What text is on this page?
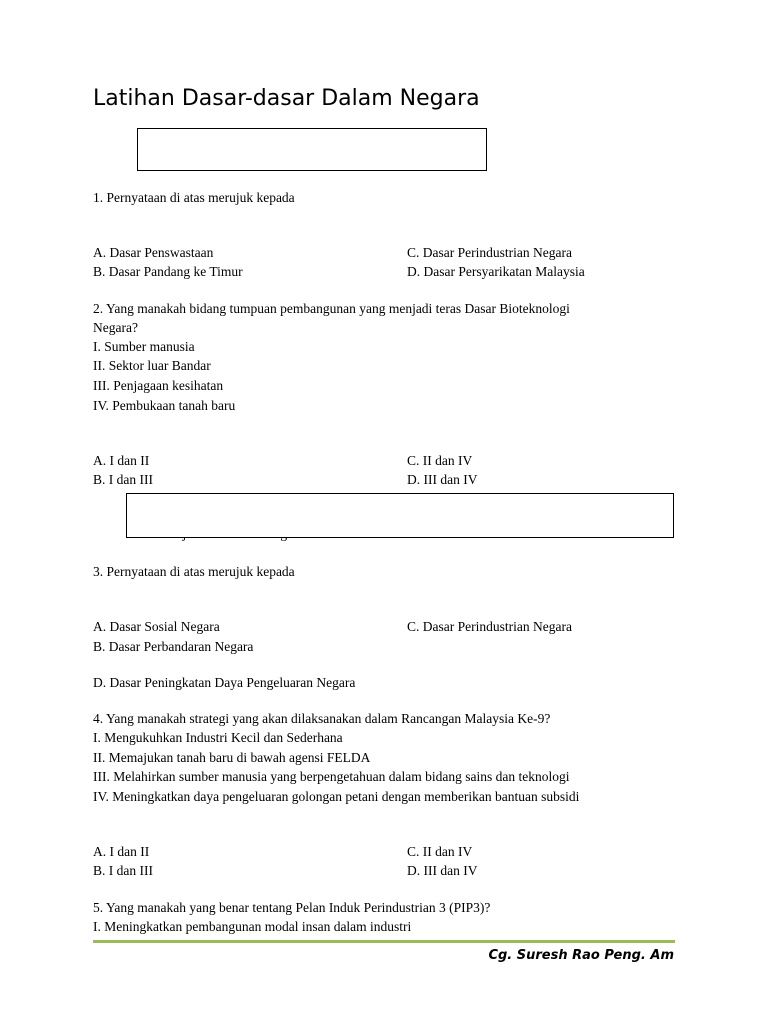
Latihan Dasar-dasar Dalam Negara
1. Pernyataan di atas merujuk kepada
A. Dasar Penswastaan
B. Dasar Pandang ke Timur
C. Dasar Perindustrian Negara
D. Dasar Persyarikatan Malaysia
2. Yang manakah bidang tumpuan pembangunan yang menjadi teras Dasar Bioteknologi
Negara?
I. Sumber manusia
II. Sektor luar Bandar
III. Penjagaan kesihatan
IV. Pembukaan tanah baru
A. I dan II
B. I dan III
C. II dan IV
D. III dan IV
3. Pernyataan di atas merujuk kepada
A. Dasar Sosial Negara
B. Dasar Perbandaran Negara
C. Dasar Perindustrian Negara
D. Dasar Peningkatan Daya Pengeluaran Negara
4. Yang manakah strategi yang akan dilaksanakan dalam Rancangan Malaysia Ke-9?
I. Mengukuhkan Industri Kecil dan Sederhana
II. Memajukan tanah baru di bawah agensi FELDA
III. Melahirkan sumber manusia yang berpengetahuan dalam bidang sains dan teknologi
IV. Meningkatkan daya pengeluaran golongan petani dengan memberikan bantuan subsidi
A. I dan II
B. I dan III
C. II dan IV
D. III dan IV
5. Yang manakah yang benar tentang Pelan Induk Perindustrian 3 (PIP3)?
I. Meningkatkan pembangunan modal insan dalam industri
Cg. Suresh Rao Peng. Am
